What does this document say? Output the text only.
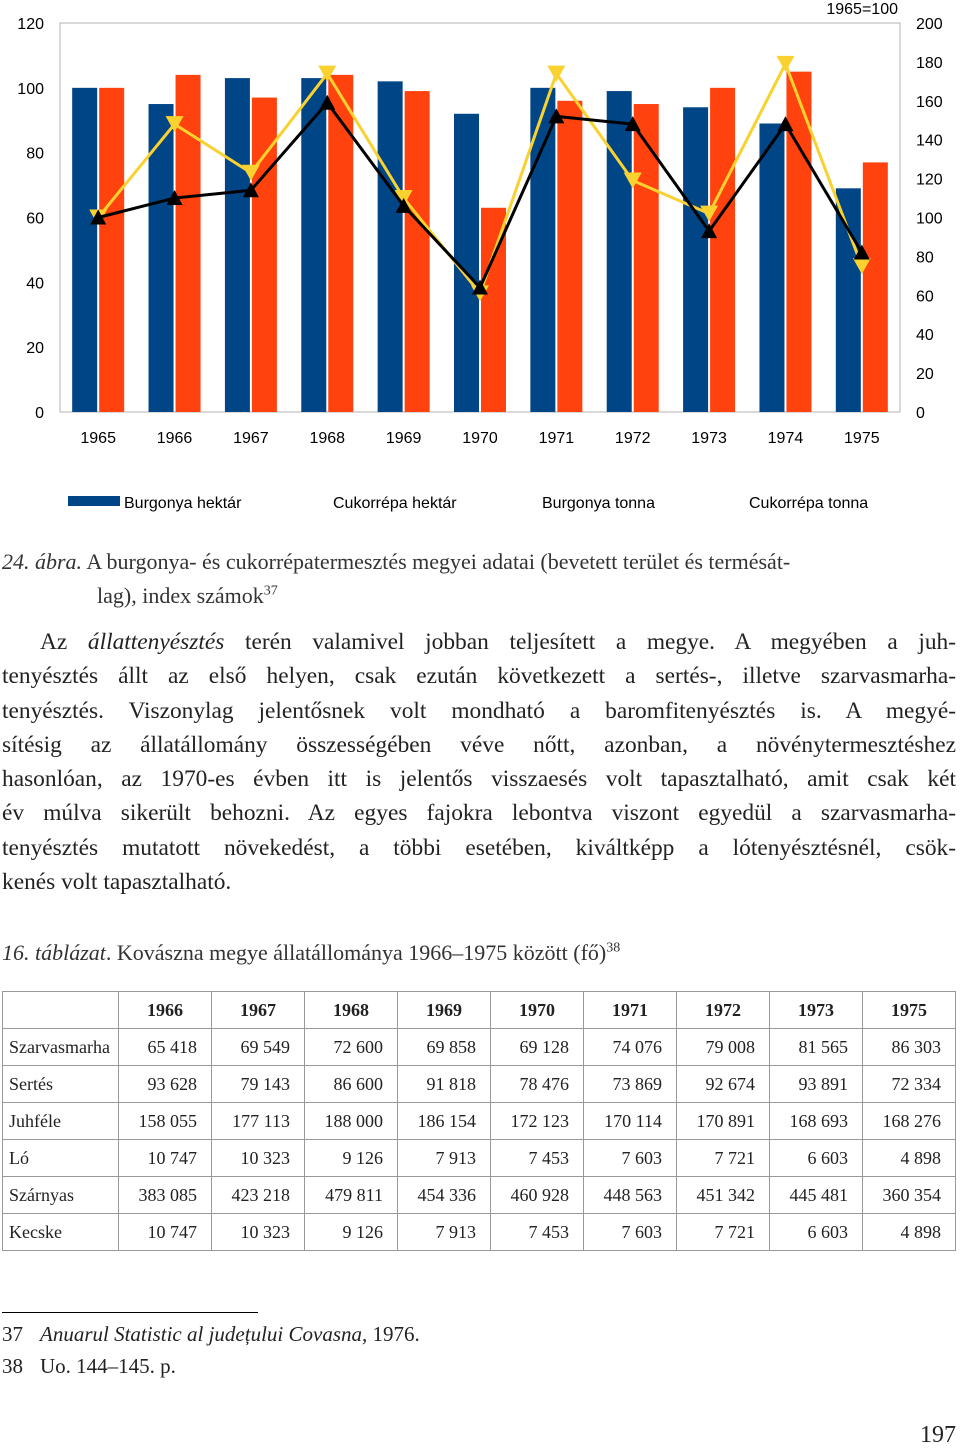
0
20
40
60
80
100
120
0
20
40
60
80
100
120
140
160
180
200
1965=100
1965	1966	1967	1968	1969	1970	1971	1972	1973	1974	1975
Burgonya hektár	Cukorrépa hektár	Burgonya tonna	Cukorrépa tonna
24. ábra. A burgonya- és cukorrépatermesztés megyei adatai (bevetett terület és termésát-
lag), index számok$^{37}$
Az állattenyésztés terén valamivel jobban teljesített a megye. A megyében a juh-
tenyésztés állt az első helyen, csak ezután következett a sertés-, illetve szarvasmarha-
tenyésztés. Viszonylag jelentősnek volt mondható a baromfitenyésztés is. A megyé-
sítésig az állatállomány összességében véve nőtt, azonban, a növénytermesztéshez
hasonlóan, az 1970-es évben itt is jelentős visszaesés volt tapasztalható, amit csak két
év múlva sikerült behozni. Az egyes fajokra lebontva viszont egyedül a szarvasmarha-
tenyésztés mutatott növekedést, a többi esetében, kiváltképp a lótenyésztésnél, csök-
kenés volt tapasztalható.
16. táblázat. Kovászna megye állatállománya 1966–1975 között (fő)$^{38}$
	1966	1967	1968	1969	1970	1971	1972	1973	1975
Szarvasmarha	65 418	69 549	72 600	69 858	69 128	74 076	79 008	81 565	86 303
Sertés	93 628	79 143	86 600	91 818	78 476	73 869	92 674	93 891	72 334
Juhféle	158 055	177 113	188 000	186 154	172 123	170 114	170 891	168 693	168 276
Ló	10 747	10 323	9 126	7 913	7 453	7 603	7 721	6 603	4 898
Szárnyas	383 085	423 218	479 811	454 336	460 928	448 563	451 342	445 481	360 354
Kecske	10 747	10 323	9 126	7 913	7 453	7 603	7 721	6 603	4 898
37 Anuarul Statistic al județului Covasna, 1976.
38 Uo. 144–145. p.
197
